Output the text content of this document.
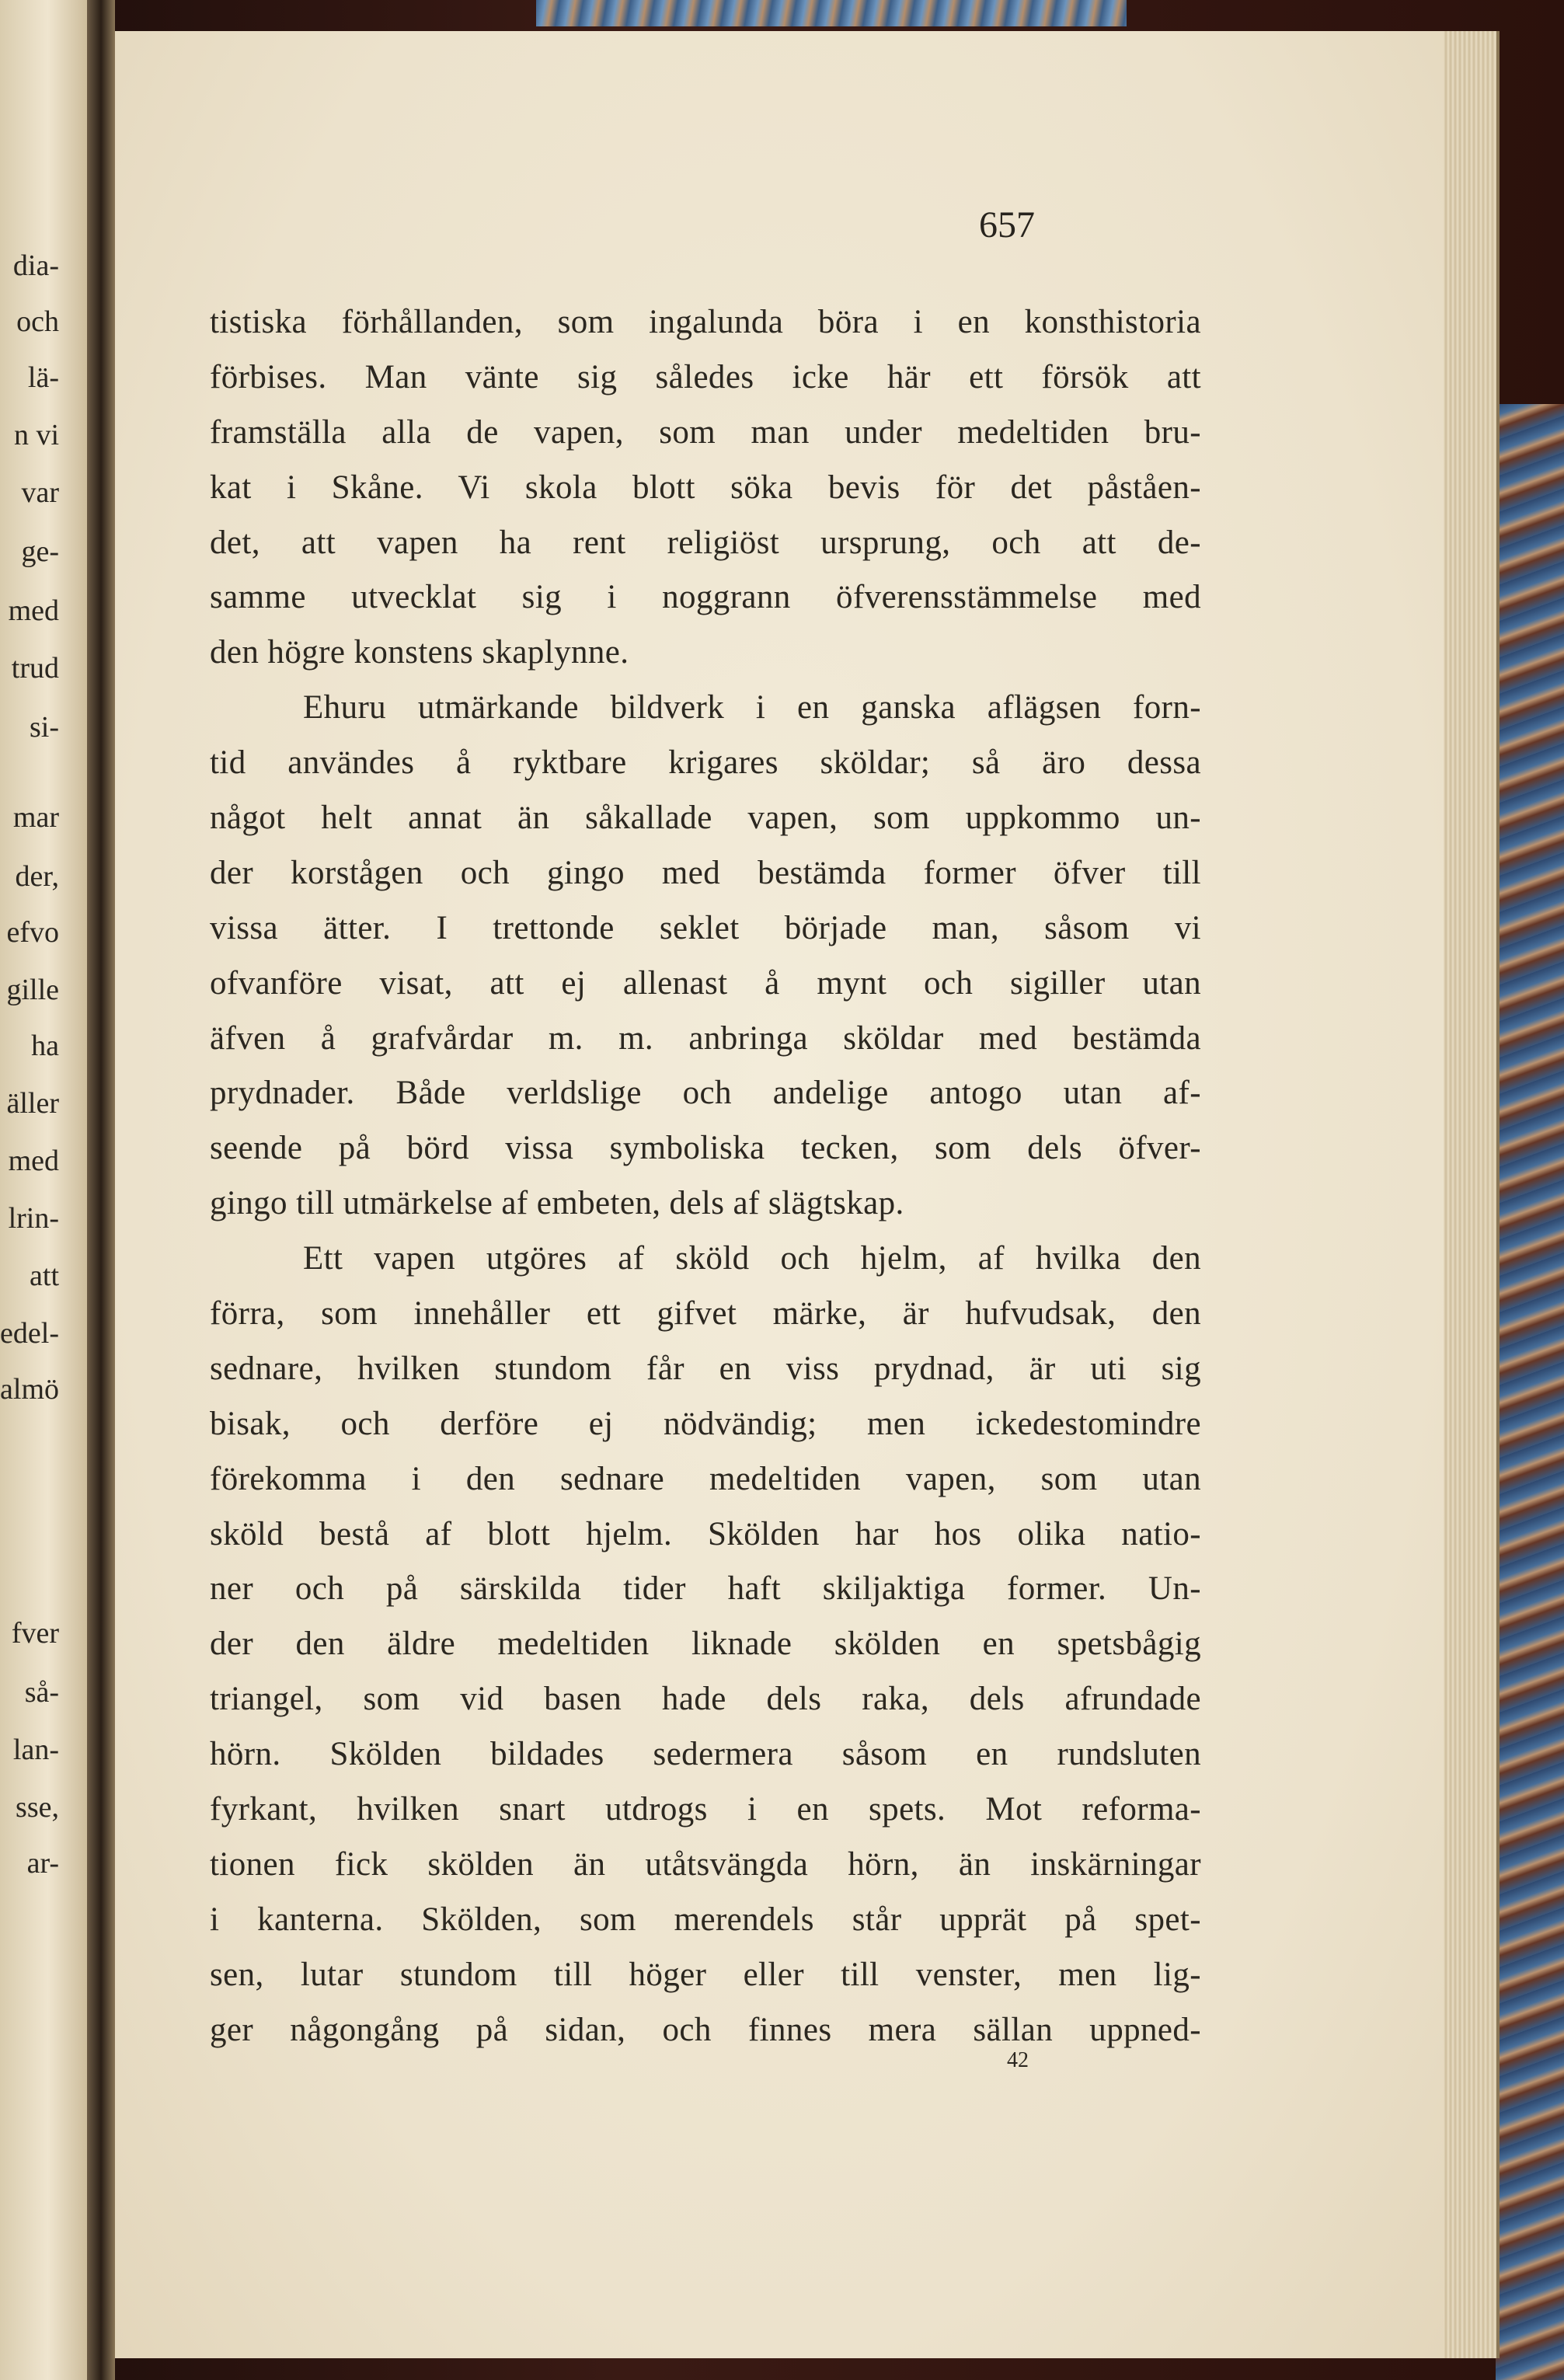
dia-
och
lä-
n vi
var
ge-
med
trud
si-
mar
der,
efvo
gille
ha
äller
med
lrin-
att
edel-
almö
fver
så-
lan-
sse,
ar-
657
tistiska förhållanden, som ingalunda böra i en konsthistoria
förbises. Man vänte sig således icke här ett försök att
framställa alla de vapen, som man under medeltiden bru-
kat i Skåne. Vi skola blott söka bevis för det påståen-
det, att vapen ha rent religiöst ursprung, och att de-
samme utvecklat sig i noggrann öfverensstämmelse med
den högre konstens skaplynne.
Ehuru utmärkande bildverk i en ganska aflägsen forn-
tid användes å ryktbare krigares sköldar; så äro dessa
något helt annat än såkallade vapen, som uppkommo un-
der korstågen och gingo med bestämda former öfver till
vissa ätter. I trettonde seklet började man, såsom vi
ofvanföre visat, att ej allenast å mynt och sigiller utan
äfven å grafvårdar m. m. anbringa sköldar med bestämda
prydnader. Både verldslige och andelige antogo utan af-
seende på börd vissa symboliska tecken, som dels öfver-
gingo till utmärkelse af embeten, dels af slägtskap.
Ett vapen utgöres af sköld och hjelm, af hvilka den
förra, som innehåller ett gifvet märke, är hufvudsak, den
sednare, hvilken stundom får en viss prydnad, är uti sig
bisak, och derföre ej nödvändig; men ickedestomindre
förekomma i den sednare medeltiden vapen, som utan
sköld bestå af blott hjelm. Skölden har hos olika natio-
ner och på särskilda tider haft skiljaktiga former. Un-
der den äldre medeltiden liknade skölden en spetsbågig
triangel, som vid basen hade dels raka, dels afrundade
hörn. Skölden bildades sedermera såsom en rundsluten
fyrkant, hvilken snart utdrogs i en spets. Mot reforma-
tionen fick skölden än utåtsvängda hörn, än inskärningar
i kanterna. Skölden, som merendels står upprät på spet-
sen, lutar stundom till höger eller till venster, men lig-
ger någongång på sidan, och finnes mera sällan uppned-
42
